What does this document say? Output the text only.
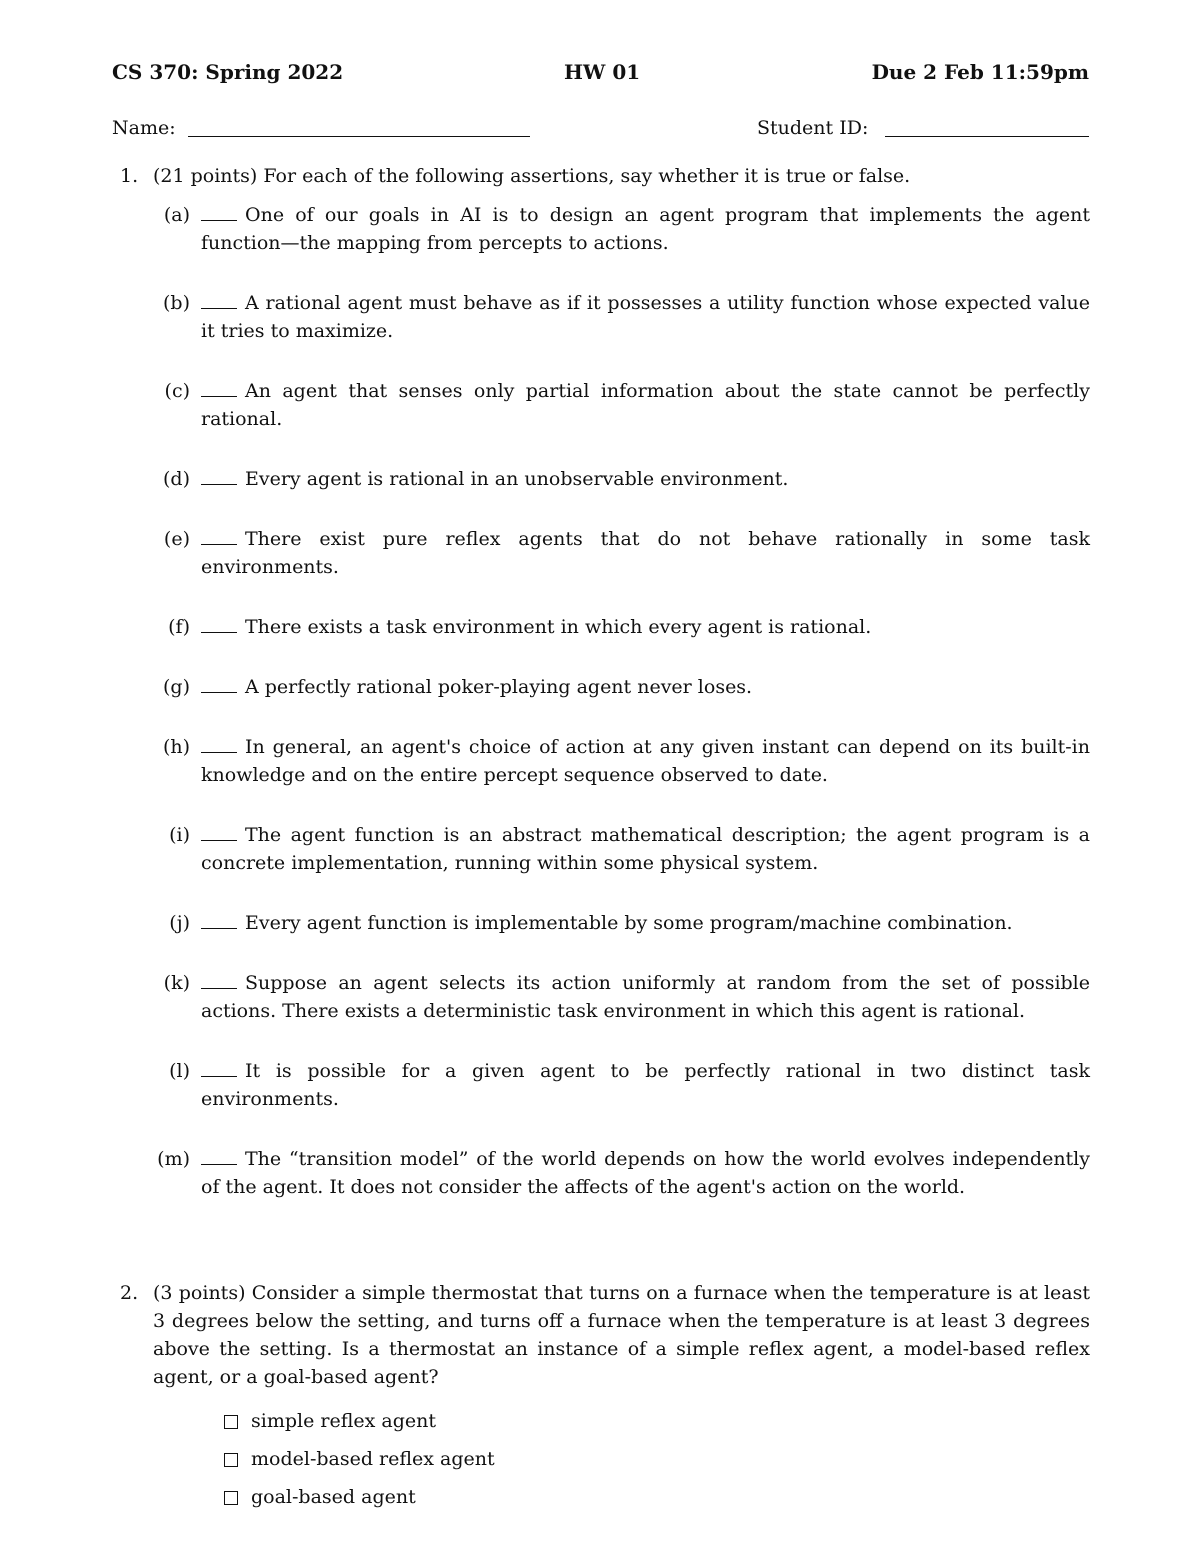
CS 370: Spring 2022	HW 01	Due 2 Feb 11:59pm
Name:	Student ID:
1. (21 points) For each of the following assertions, say whether it is true or false.
(a)	One of our goals in AI is to design an agent program that implements the agent function—the mapping from percepts to actions.
(b)	A rational agent must behave as if it possesses a utility function whose expected value it tries to maximize.
(c)	An agent that senses only partial information about the state cannot be perfectly rational.
(d)	Every agent is rational in an unobservable environment.
(e)	There exist pure reflex agents that do not behave rationally in some task environments.
(f)	There exists a task environment in which every agent is rational.
(g)	A perfectly rational poker-playing agent never loses.
(h)	In general, an agent's choice of action at any given instant can depend on its built-in knowledge and on the entire percept sequence observed to date.
(i)	The agent function is an abstract mathematical description; the agent program is a concrete implementation, running within some physical system.
(j)	Every agent function is implementable by some program/machine combination.
(k)	Suppose an agent selects its action uniformly at random from the set of possible actions. There exists a deterministic task environment in which this agent is rational.
(l)	It is possible for a given agent to be perfectly rational in two distinct task environments.
(m)	The “transition model” of the world depends on how the world evolves independently of the agent. It does not consider the affects of the agent's action on the world.
2. (3 points) Consider a simple thermostat that turns on a furnace when the temperature is at least 3 degrees below the setting, and turns off a furnace when the temperature is at least 3 degrees above the setting. Is a thermostat an instance of a simple reflex agent, a model-based reflex agent, or a goal-based agent?
simple reflex agent
model-based reflex agent
goal-based agent
